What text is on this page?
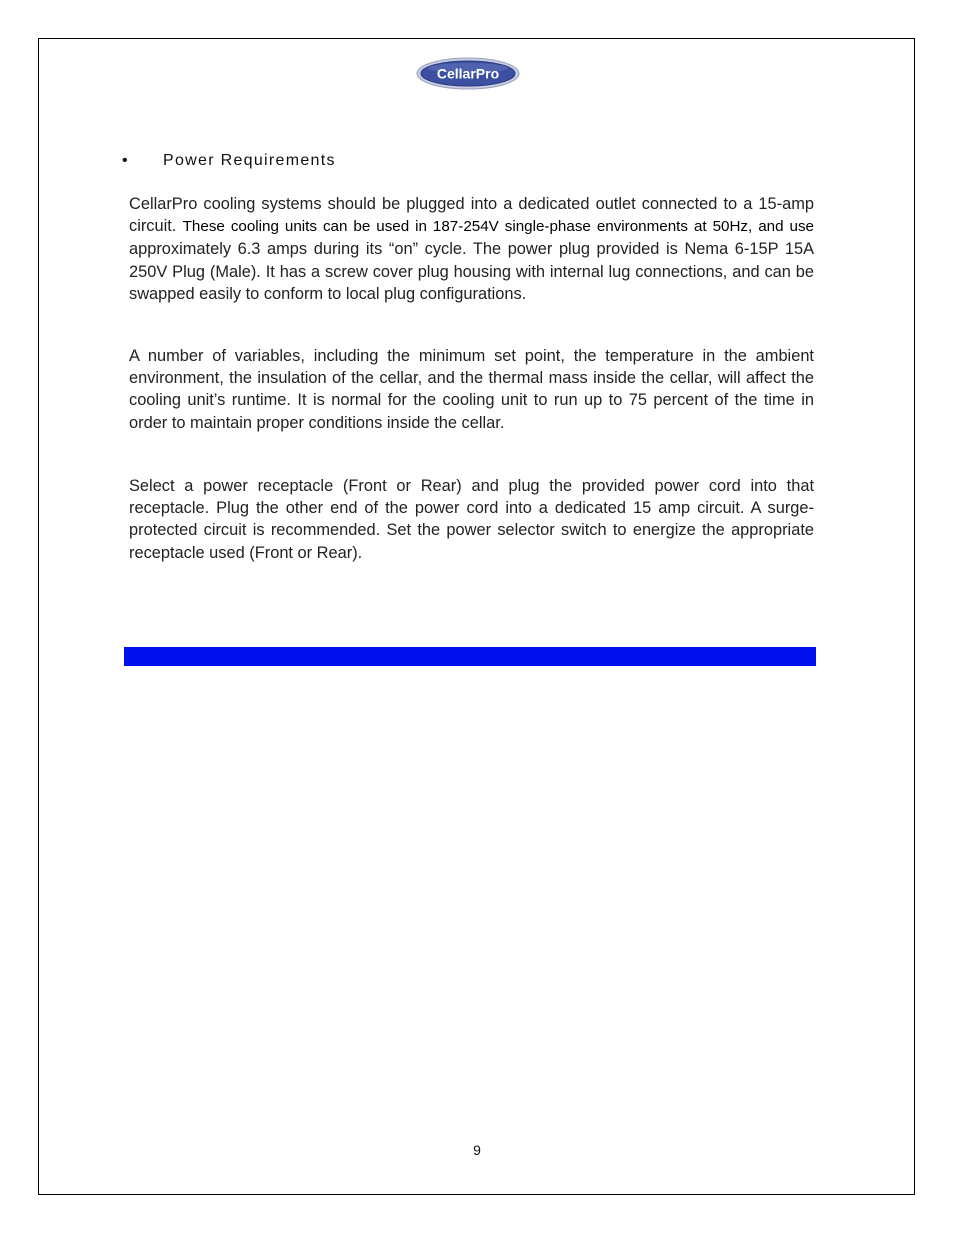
CellarPro
• Power Requirements

CellarPro cooling systems should be plugged into a dedicated outlet connected to a 15-amp circuit. These cooling units can be used in 187-254V single-phase environments at 50Hz, and use approximately 6.3 amps during its “on” cycle. The power plug provided is Nema 6-15P 15A 250V Plug (Male). It has a screw cover plug housing with internal lug connections, and can be swapped easily to conform to local plug configurations.

A number of variables, including the minimum set point, the temperature in the ambient environment, the insulation of the cellar, and the thermal mass inside the cellar, will affect the cooling unit’s runtime. It is normal for the cooling unit to run up to 75 percent of the time in order to maintain proper conditions inside the cellar.

Select a power receptacle (Front or Rear) and plug the provided power cord into that receptacle. Plug the other end of the power cord into a dedicated 15 amp circuit. A surge-protected circuit is recommended. Set the power selector switch to energize the appropriate receptacle used (Front or Rear).

9
